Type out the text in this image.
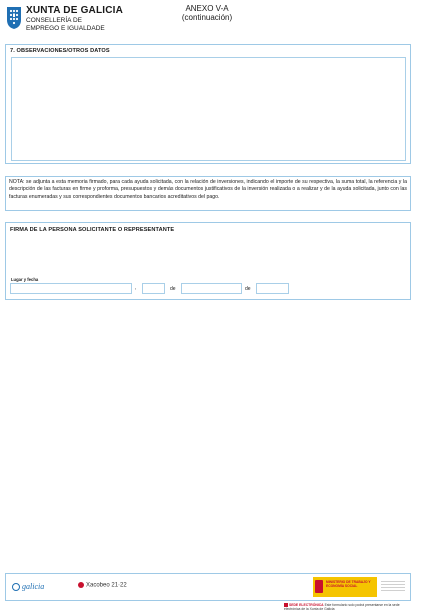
XUNTA DE GALICIA
CONSELLERÍA DE
EMPREGO E IGUALDADE
ANEXO V-A
(continuación)
7. OBSERVACIONES/OTROS DATOS
NOTA: se adjunta a esta memoria firmado, para cada ayuda solicitada, con la relación de inversiones, indicando el importe de su respectiva, la suma total, la referencia y la descripción de las facturas en firme y proforma, presupuestos y demás documentos justificativos de la inversión realizada o a realizar y de la ayuda solicitada, junto con las facturas enumeradas y sus correspondientes documentos bancarios acreditativos del pago.
FIRMA DE LA PERSONA SOLICITANTE O REPRESENTANTE
Lugar y fecha
,	de	de
galicia	Xacobeo 21·22
MINISTERIO DE TRABAJO Y ECONOMÍA SOCIAL
SEDE ELECTRÓNICA Este formulario solo podrá presentarse en la sede electrónica de la Xunta de Galicia
